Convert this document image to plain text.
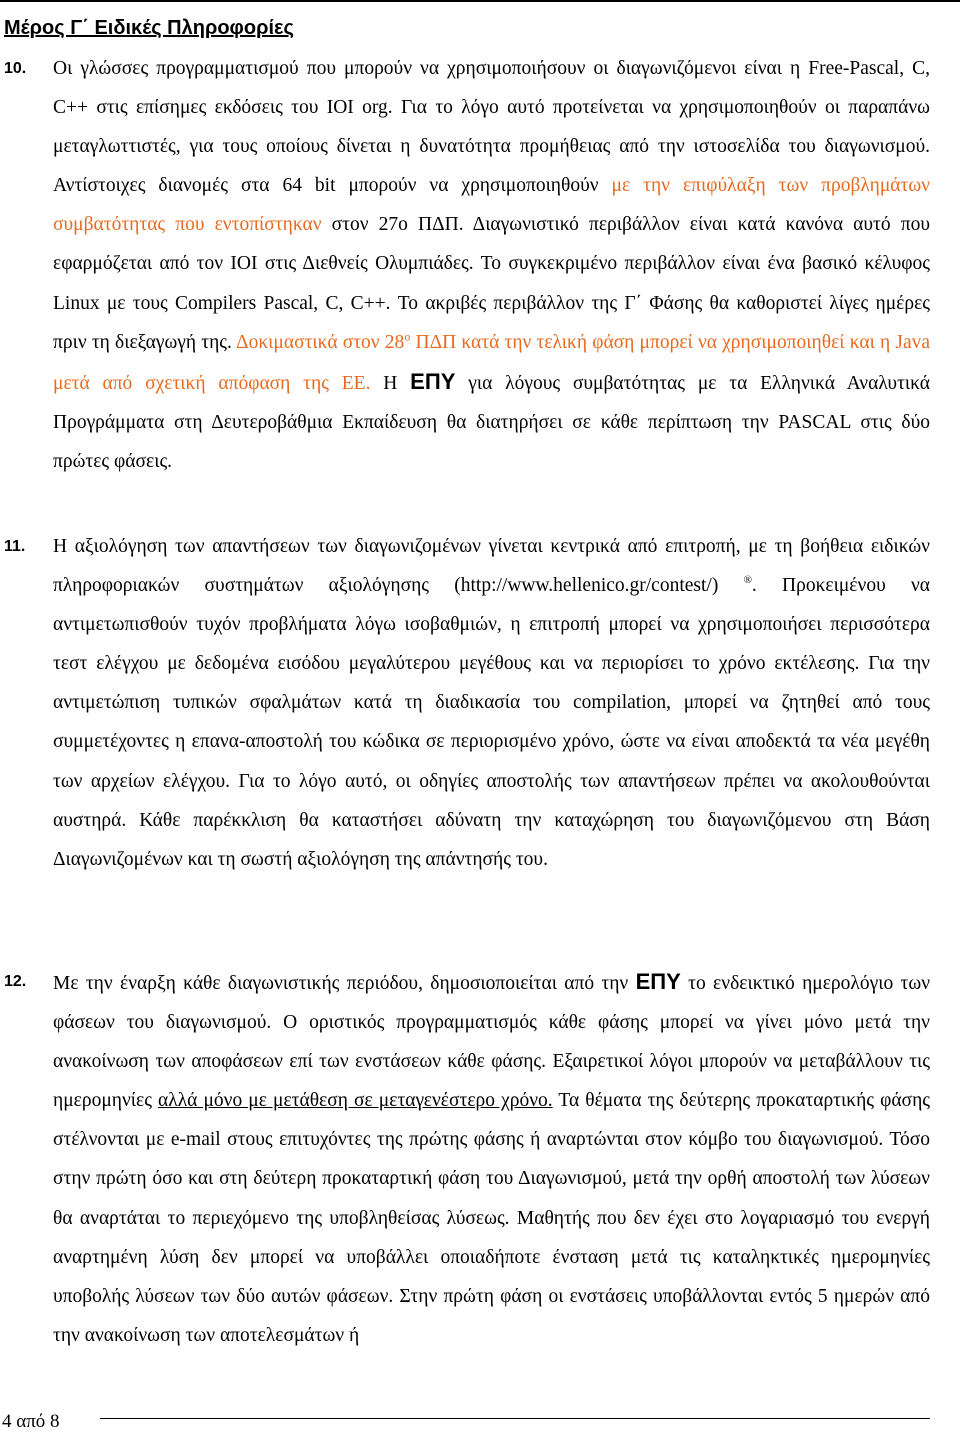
Μέρος Γ΄ Ειδικές Πληροφορίες
10. Οι γλώσσες προγραμματισμού που μπορούν να χρησιμοποιήσουν οι διαγωνιζόμενοι είναι η Free-Pascal, C, C++ στις επίσημες εκδόσεις του IOI org. Για το λόγο αυτό προτείνεται να χρησιμοποιηθούν οι παραπάνω μεταγλωττιστές, για τους οποίους δίνεται η δυνατότητα προμήθειας από την ιστοσελίδα του διαγωνισμού. Αντίστοιχες διανομές στα 64 bit μπορούν να χρησιμοποιηθούν με την επιφύλαξη των προβλημάτων συμβατότητας που εντοπίστηκαν στον 27ο ΠΔΠ. Διαγωνιστικό περιβάλλον είναι κατά κανόνα αυτό που εφαρμόζεται από τον IOI στις Διεθνείς Ολυμπιάδες. Το συγκεκριμένο περιβάλλον είναι ένα βασικό κέλυφος Linux με τους Compilers Pascal, C, C++. Το ακριβές περιβάλλον της Γ΄ Φάσης θα καθοριστεί λίγες ημέρες πριν τη διεξαγωγή της. Δοκιμαστικά στον $28^o$ ΠΔΠ κατά την τελική φάση μπορεί να χρησιμοποιηθεί και η Java μετά από σχετική απόφαση της ΕΕ. Η ΕΠΥ για λόγους συμβατότητας με τα Ελληνικά Αναλυτικά Προγράμματα στη Δευτεροβάθμια Εκπαίδευση θα διατηρήσει σε κάθε περίπτωση την PASCAL στις δύο πρώτες φάσεις.
11. Η αξιολόγηση των απαντήσεων των διαγωνιζομένων γίνεται κεντρικά από επιτροπή, με τη βοήθεια ειδικών πληροφοριακών συστημάτων αξιολόγησης (http://www.hellenico.gr/contest/) ®. Προκειμένου να αντιμετωπισθούν τυχόν προβλήματα λόγω ισοβαθμιών, η επιτροπή μπορεί να χρησιμοποιήσει περισσότερα τεστ ελέγχου με δεδομένα εισόδου μεγαλύτερου μεγέθους και να περιορίσει το χρόνο εκτέλεσης. Για την αντιμετώπιση τυπικών σφαλμάτων κατά τη διαδικασία του compilation, μπορεί να ζητηθεί από τους συμμετέχοντες η επανα-αποστολή του κώδικα σε περιορισμένο χρόνο, ώστε να είναι αποδεκτά τα νέα μεγέθη των αρχείων ελέγχου. Για το λόγο αυτό, οι οδηγίες αποστολής των απαντήσεων πρέπει να ακολουθούνται αυστηρά. Κάθε παρέκκλιση θα καταστήσει αδύνατη την καταχώρηση του διαγωνιζόμενου στη Βάση Διαγωνιζομένων και τη σωστή αξιολόγηση της απάντησής του.
12. Με την έναρξη κάθε διαγωνιστικής περιόδου, δημοσιοποιείται από την ΕΠΥ το ενδεικτικό ημερολόγιο των φάσεων του διαγωνισμού. Ο οριστικός προγραμματισμός κάθε φάσης μπορεί να γίνει μόνο μετά την ανακοίνωση των αποφάσεων επί των ενστάσεων κάθε φάσης. Εξαιρετικοί λόγοι μπορούν να μεταβάλλουν τις ημερομηνίες αλλά μόνο με μετάθεση σε μεταγενέστερο χρόνο. Τα θέματα της δεύτερης προκαταρτικής φάσης στέλνονται με e-mail στους επιτυχόντες της πρώτης φάσης ή αναρτώνται στον κόμβο του διαγωνισμού. Τόσο στην πρώτη όσο και στη δεύτερη προκαταρτική φάση του Διαγωνισμού, μετά την ορθή αποστολή των λύσεων θα αναρτάται το περιεχόμενο της υποβληθείσας λύσεως. Μαθητής που δεν έχει στο λογαριασμό του ενεργή αναρτημένη λύση δεν μπορεί να υποβάλλει οποιαδήποτε ένσταση μετά τις καταληκτικές ημερομηνίες υποβολής λύσεων των δύο αυτών φάσεων. Στην πρώτη φάση οι ενστάσεις υποβάλλονται εντός 5 ημερών από την ανακοίνωση των αποτελεσμάτων ή
4 από 8
